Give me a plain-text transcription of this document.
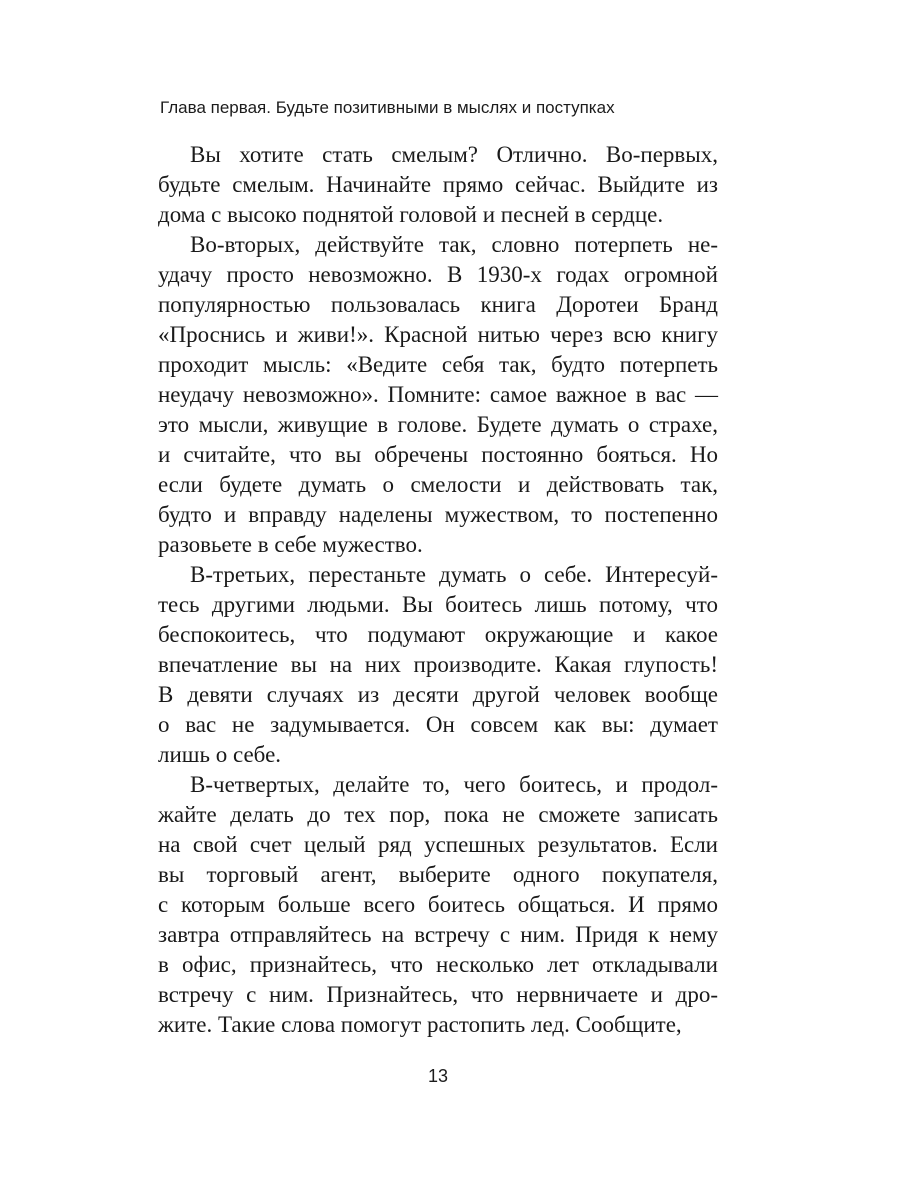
Глава первая. Будьте позитивными в мыслях и поступках
Вы хотите стать смелым? Отлично. Во-первых,
будьте смелым. Начинайте прямо сейчас. Выйдите из
дома с высоко поднятой головой и песней в сердце.
Во-вторых, действуйте так, словно потерпеть не-
удачу просто невозможно. В 1930-х годах огромной
популярностью пользовалась книга Доротеи Бранд
«Проснись и живи!». Красной нитью через всю книгу
проходит мысль: «Ведите себя так, будто потерпеть
неудачу невозможно». Помните: самое важное в вас —
это мысли, живущие в голове. Будете думать о страхе,
и считайте, что вы обречены постоянно бояться. Но
если будете думать о смелости и действовать так,
будто и вправду наделены мужеством, то постепенно
разовьете в себе мужество.
В-третьих, перестаньте думать о себе. Интересуй-
тесь другими людьми. Вы боитесь лишь потому, что
беспокоитесь, что подумают окружающие и какое
впечатление вы на них производите. Какая глупость!
В девяти случаях из десяти другой человек вообще
о вас не задумывается. Он совсем как вы: думает
лишь о себе.
В-четвертых, делайте то, чего боитесь, и продол-
жайте делать до тех пор, пока не сможете записать
на свой счет целый ряд успешных результатов. Если
вы торговый агент, выберите одного покупателя,
с которым больше всего боитесь общаться. И прямо
завтра отправляйтесь на встречу с ним. Придя к нему
в офис, признайтесь, что несколько лет откладывали
встречу с ним. Признайтесь, что нервничаете и дро-
жите. Такие слова помогут растопить лед. Сообщите,
13
